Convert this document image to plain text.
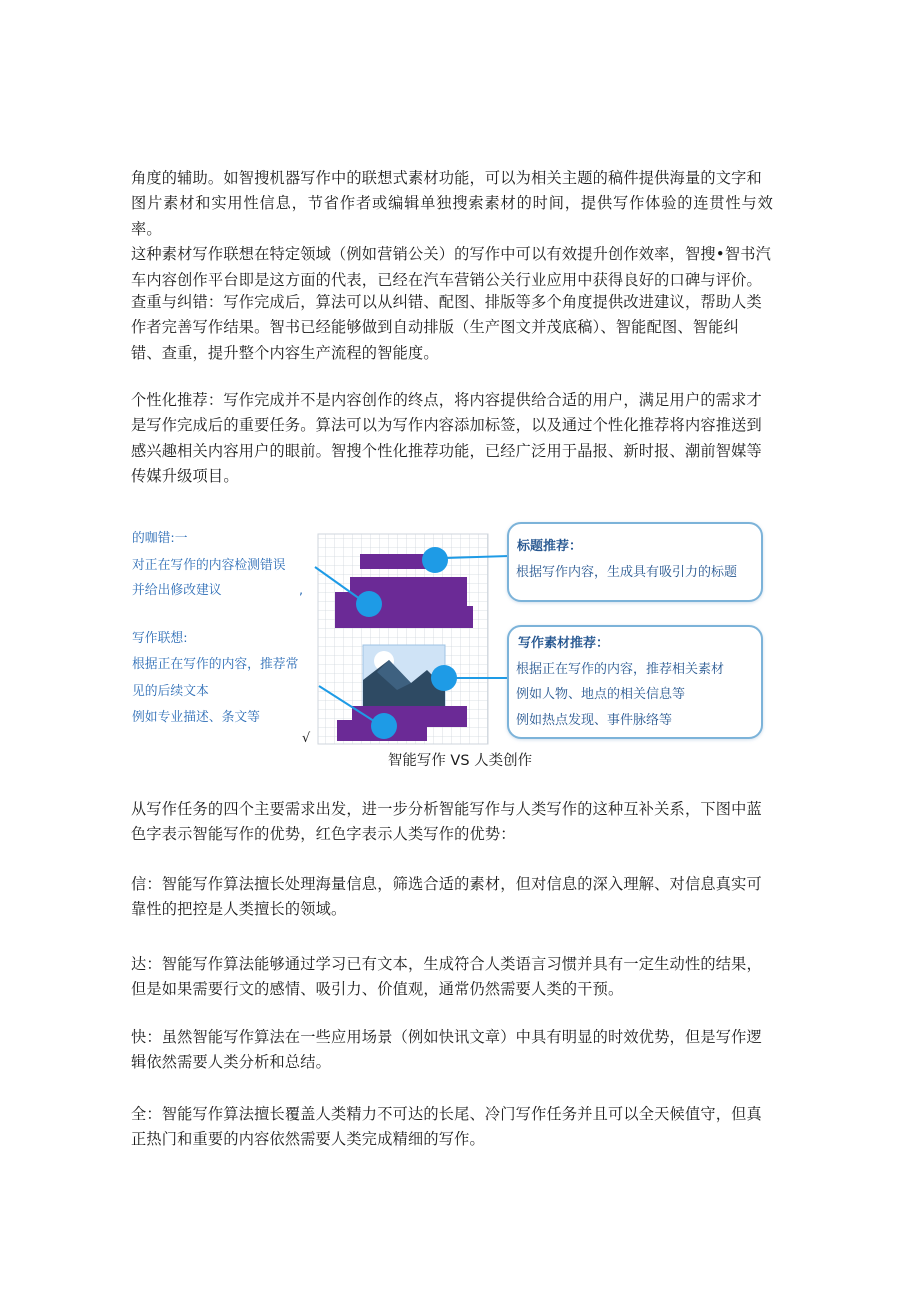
角度的辅助。如智搜机器写作中的联想式素材功能，可以为相关主题的稿件提供海量的文字和
图片素材和实用性信息，节省作者或编辑单独搜索素材的时间，提供写作体验的连贯性与效率。
这种素材写作联想在特定领域（例如营销公关）的写作中可以有效提升创作效率，智搜•智书汽
车内容创作平台即是这方面的代表，已经在汽车营销公关行业应用中获得良好的口碑与评价。

查重与纠错：写作完成后，算法可以从纠错、配图、排版等多个角度提供改进建议，帮助人类
作者完善写作结果。智书已经能够做到自动排版（生产图文并茂底稿）、智能配图、智能纠
错、查重，提升整个内容生产流程的智能度。

个性化推荐：写作完成并不是内容创作的终点，将内容提供给合适的用户，满足用户的需求才
是写作完成后的重要任务。算法可以为写作内容添加标签，以及通过个性化推荐将内容推送到
感兴趣相关内容用户的眼前。智搜个性化推荐功能，已经广泛用于晶报、新时报、潮前智媒等
传媒升级项目。

的咖错:一

对正在写作的内容检测错误

并给出修改建议	,

写作联想:

根据正在写作的内容，推荐常

见的后续文本

例如专业描述、条文等

√

标题推荐：
根据写作内容，生成具有吸引力的标题
写作素材推荐：
根据正在写作的内容，推荐相关素材
例如人物、地点的相关信息等
例如热点发现、事件脉络等
智能写作 VS 人类创作

从写作任务的四个主要需求出发，进一步分析智能写作与人类写作的这种互补关系，下图中蓝
色字表示智能写作的优势，红色字表示人类写作的优势：

信：智能写作算法擅长处理海量信息，筛选合适的素材，但对信息的深入理解、对信息真实可
靠性的把控是人类擅长的领域。

达：智能写作算法能够通过学习已有文本，生成符合人类语言习惯并具有一定生动性的结果，
但是如果需要行文的感情、吸引力、价值观，通常仍然需要人类的干预。

快：虽然智能写作算法在一些应用场景（例如快讯文章）中具有明显的时效优势，但是写作逻
辑依然需要人类分析和总结。

全：智能写作算法擅长覆盖人类精力不可达的长尾、冷门写作任务并且可以全天候值守，但真
正热门和重要的内容依然需要人类完成精细的写作。
